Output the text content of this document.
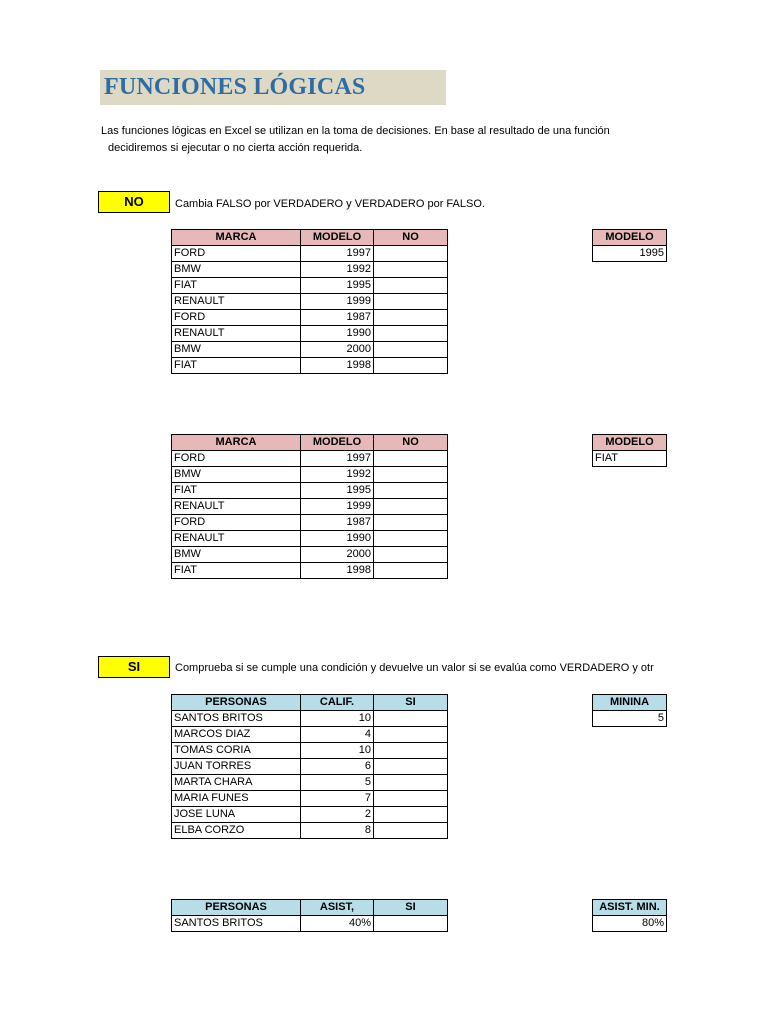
FUNCIONES LÓGICAS
Las funciones lógicas en Excel se utilizan en la toma de decisiones. En base al resultado de una función
decidiremos si ejecutar o no cierta acción requerida.
NO	Cambia FALSO por VERDADERO y VERDADERO por FALSO.
MARCA	MODELO	NO
FORD	1997	
BMW	1992	
FIAT	1995	
RENAULT	1999	
FORD	1987	
RENAULT	1990	
BMW	2000	
FIAT	1998	
MODELO
1995
MARCA	MODELO	NO
FORD	1997	
BMW	1992	
FIAT	1995	
RENAULT	1999	
FORD	1987	
RENAULT	1990	
BMW	2000	
FIAT	1998	
MODELO
FIAT
SI	Comprueba si se cumple una condición y devuelve un valor si se evalúa como VERDADERO y otr
PERSONAS	CALIF.	SI
SANTOS BRITOS	10	
MARCOS DIAZ	4	
TOMAS CORIA	10	
JUAN TORRES	6	
MARTA CHARA	5	
MARIA FUNES	7	
JOSE LUNA	2	
ELBA CORZO	8	
MININA
5
PERSONAS	ASIST,	SI
SANTOS BRITOS	40%	
ASIST. MIN.
80%
